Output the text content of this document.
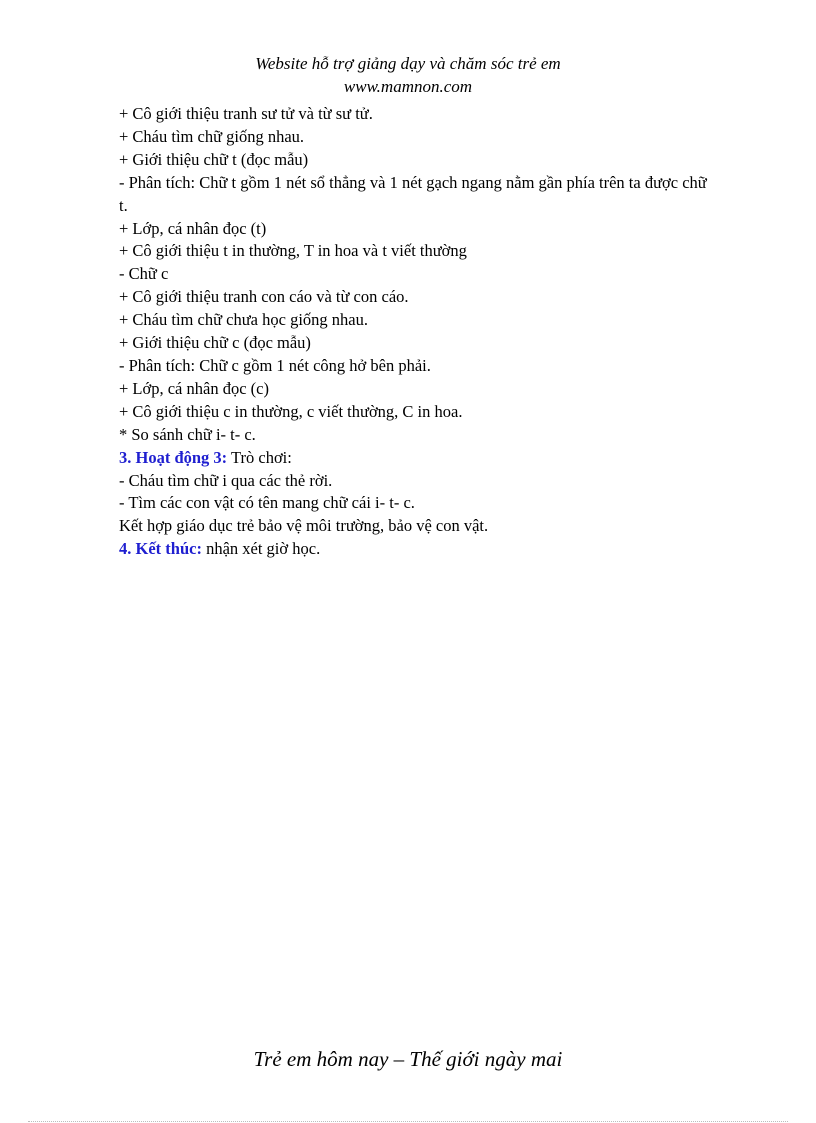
Website hỗ trợ giảng dạy và chăm sóc trẻ em
www.mamnon.com
+ Cô giới thiệu tranh sư tử và từ sư tử.
+ Cháu tìm chữ giống nhau.
+ Giới thiệu chữ t (đọc mẫu)
- Phân tích: Chữ t gồm 1 nét sổ thẳng và 1 nét gạch ngang nằm gần phía trên ta được chữ t.
+ Lớp, cá nhân đọc (t)
+ Cô giới thiệu t in thường, T in hoa và t viết thường
- Chữ c
+ Cô giới thiệu tranh con cáo và từ con cáo.
+ Cháu tìm chữ chưa học giống nhau.
+ Giới thiệu chữ c (đọc mẫu)
- Phân tích: Chữ c gồm 1 nét công hở bên phải.
+ Lớp, cá nhân đọc (c)
+ Cô giới thiệu c in thường, c viết thường, C in hoa.
* So sánh chữ i- t- c.
3. Hoạt động 3: Trò chơi:
- Cháu tìm chữ i qua các thẻ rời.
- Tìm các con vật có tên mang chữ cái i- t- c.
Kết hợp giáo dục trẻ bảo vệ môi trường, bảo vệ con vật.
4. Kết thúc: nhận xét giờ học.
Trẻ em hôm nay – Thế giới ngày mai
